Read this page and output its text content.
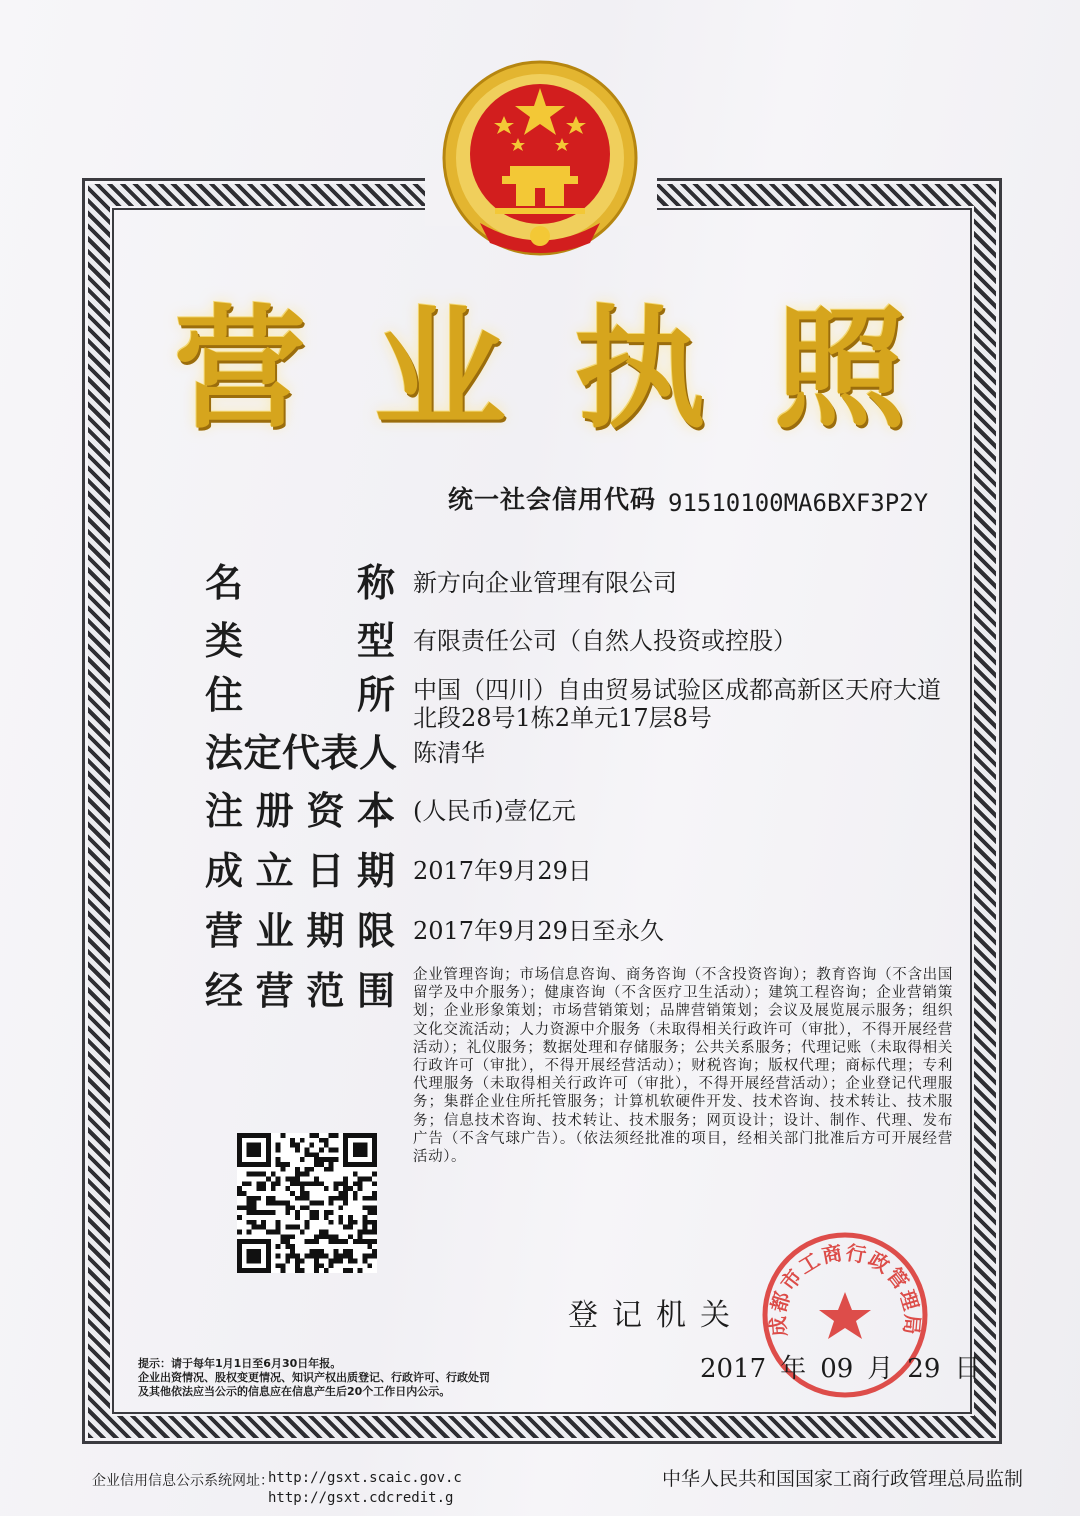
营 业 执 照
统一社会信用代码 91510100MA6BXF3P2Y
名	称 新方向企业管理有限公司
类	型 有限责任公司（自然人投资或控股）
住	所 中国（四川）自由贸易试验区成都高新区天府大道北段28号1栋2单元17层8号
法 定 代 表 人 陈清华
注 册 资 本 (人民币)壹亿元
成 立 日 期 2017年9月29日
营 业 期 限 2017年9月29日至永久
经 营 范 围 企业管理咨询；市场信息咨询、商务咨询（不含投资咨询）；教育咨询（不含出国留学及中介服务）；健康咨询（不含医疗卫生活动）；建筑工程咨询；企业营销策划；企业形象策划；市场营销策划；品牌营销策划；会议及展览展示服务；组织文化交流活动；人力资源中介服务（未取得相关行政许可（审批），不得开展经营活动）；礼仪服务；数据处理和存储服务；公共关系服务；代理记账（未取得相关行政许可（审批），不得开展经营活动）；财税咨询；版权代理；商标代理；专利代理服务（未取得相关行政许可（审批），不得开展经营活动）；企业登记代理服务；集群企业住所托管服务；计算机软硬件开发、技术咨询、技术转让、技术服务；信息技术咨询、技术转让、技术服务；网页设计；设计、制作、代理、发布广告（不含气球广告）。（依法须经批准的项目，经相关部门批准后方可开展经营活动）。
登记机关 成都市工商行政管理局
2017 年 09 月 29 日
提示：请于每年1月1日至6月30日年报。
企业出资情况、股权变更情况、知识产权出质登记、行政许可、行政处罚
及其他依法应当公示的信息应在信息产生后20个工作日内公示。
企业信用信息公示系统网址：
http://gsxt.scaic.gov.c
http://gsxt.cdcredit.g
中华人民共和国国家工商行政管理总局监制
